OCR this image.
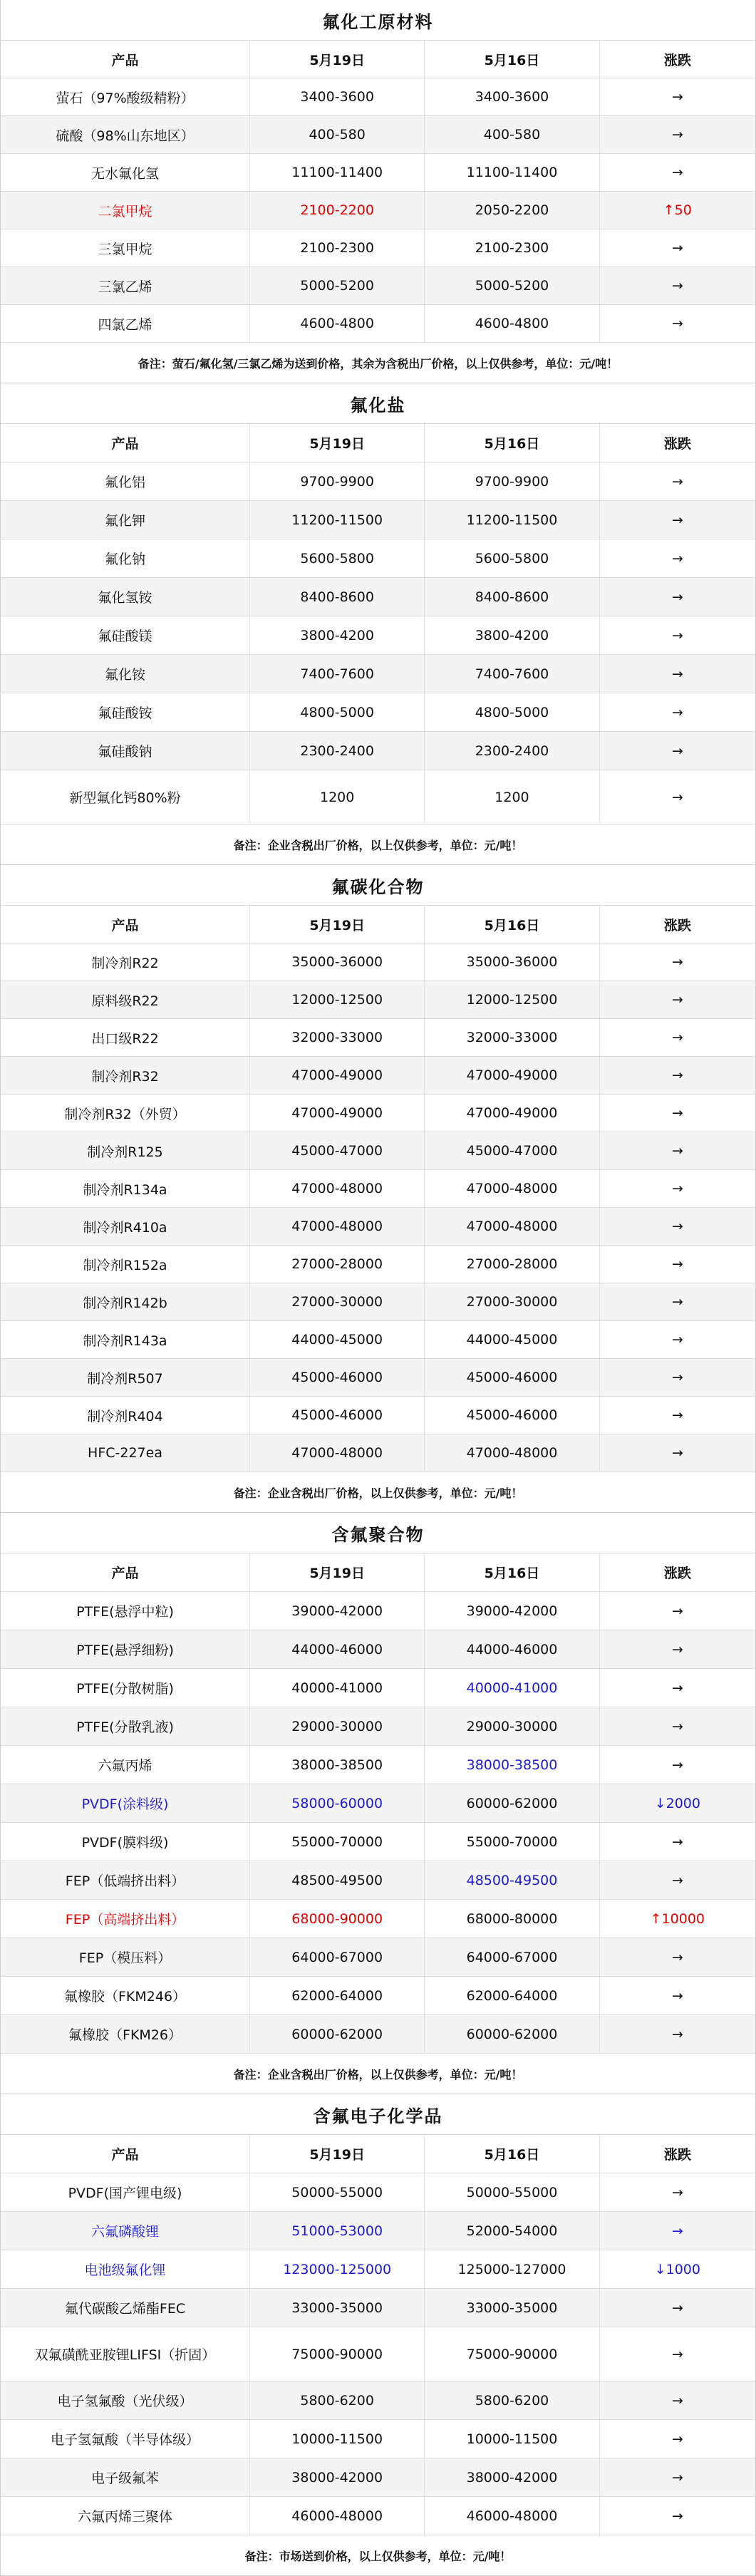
氟化工原材料
产品	5月19日	5月16日	涨跌
萤石（97%酸级精粉）	3400-3600	3400-3600	→
硫酸（98%山东地区）	400-580	400-580	→
无水氟化氢	11100-11400	11100-11400	→
二氯甲烷	2100-2200	2050-2200	↑50
三氯甲烷	2100-2300	2100-2300	→
三氯乙烯	5000-5200	5000-5200	→
四氯乙烯	4600-4800	4600-4800	→
备注：萤石/氟化氢/三氯乙烯为送到价格，其余为含税出厂价格，以上仅供参考，单位：元/吨！
氟化盐
产品	5月19日	5月16日	涨跌
氟化铝	9700-9900	9700-9900	→
氟化钾	11200-11500	11200-11500	→
氟化钠	5600-5800	5600-5800	→
氟化氢铵	8400-8600	8400-8600	→
氟硅酸镁	3800-4200	3800-4200	→
氟化铵	7400-7600	7400-7600	→
氟硅酸铵	4800-5000	4800-5000	→
氟硅酸钠	2300-2400	2300-2400	→
新型氟化钙80%粉	1200	1200	→
备注：企业含税出厂价格，以上仅供参考，单位：元/吨！
氟碳化合物
产品	5月19日	5月16日	涨跌
制冷剂R22	35000-36000	35000-36000	→
原料级R22	12000-12500	12000-12500	→
出口级R22	32000-33000	32000-33000	→
制冷剂R32	47000-49000	47000-49000	→
制冷剂R32（外贸）	47000-49000	47000-49000	→
制冷剂R125	45000-47000	45000-47000	→
制冷剂R134a	47000-48000	47000-48000	→
制冷剂R410a	47000-48000	47000-48000	→
制冷剂R152a	27000-28000	27000-28000	→
制冷剂R142b	27000-30000	27000-30000	→
制冷剂R143a	44000-45000	44000-45000	→
制冷剂R507	45000-46000	45000-46000	→
制冷剂R404	45000-46000	45000-46000	→
HFC-227ea	47000-48000	47000-48000	→
备注：企业含税出厂价格，以上仅供参考，单位：元/吨！
含氟聚合物
产品	5月19日	5月16日	涨跌
PTFE(悬浮中粒)	39000-42000	39000-42000	→
PTFE(悬浮细粉)	44000-46000	44000-46000	→
PTFE(分散树脂)	40000-41000	40000-41000	→
PTFE(分散乳液)	29000-30000	29000-30000	→
六氟丙烯	38000-38500	38000-38500	→
PVDF(涂料级)	58000-60000	60000-62000	↓2000
PVDF(膜料级)	55000-70000	55000-70000	→
FEP（低端挤出料）	48500-49500	48500-49500	→
FEP（高端挤出料）	68000-90000	68000-80000	↑10000
FEP（模压料）	64000-67000	64000-67000	→
氟橡胶（FKM246）	62000-64000	62000-64000	→
氟橡胶（FKM26）	60000-62000	60000-62000	→
备注：企业含税出厂价格，以上仅供参考，单位：元/吨！
含氟电子化学品
产品	5月19日	5月16日	涨跌
PVDF(国产锂电级)	50000-55000	50000-55000	→
六氟磷酸锂	51000-53000	52000-54000	→
电池级氟化锂	123000-125000	125000-127000	↓1000
氟代碳酸乙烯酯FEC	33000-35000	33000-35000	→
双氟磺酰亚胺锂LIFSI（折固）	75000-90000	75000-90000	→
电子氢氟酸（光伏级）	5800-6200	5800-6200	→
电子氢氟酸（半导体级）	10000-11500	10000-11500	→
电子级氟苯	38000-42000	38000-42000	→
六氟丙烯三聚体	46000-48000	46000-48000	→
备注：市场送到价格，以上仅供参考，单位：元/吨！
